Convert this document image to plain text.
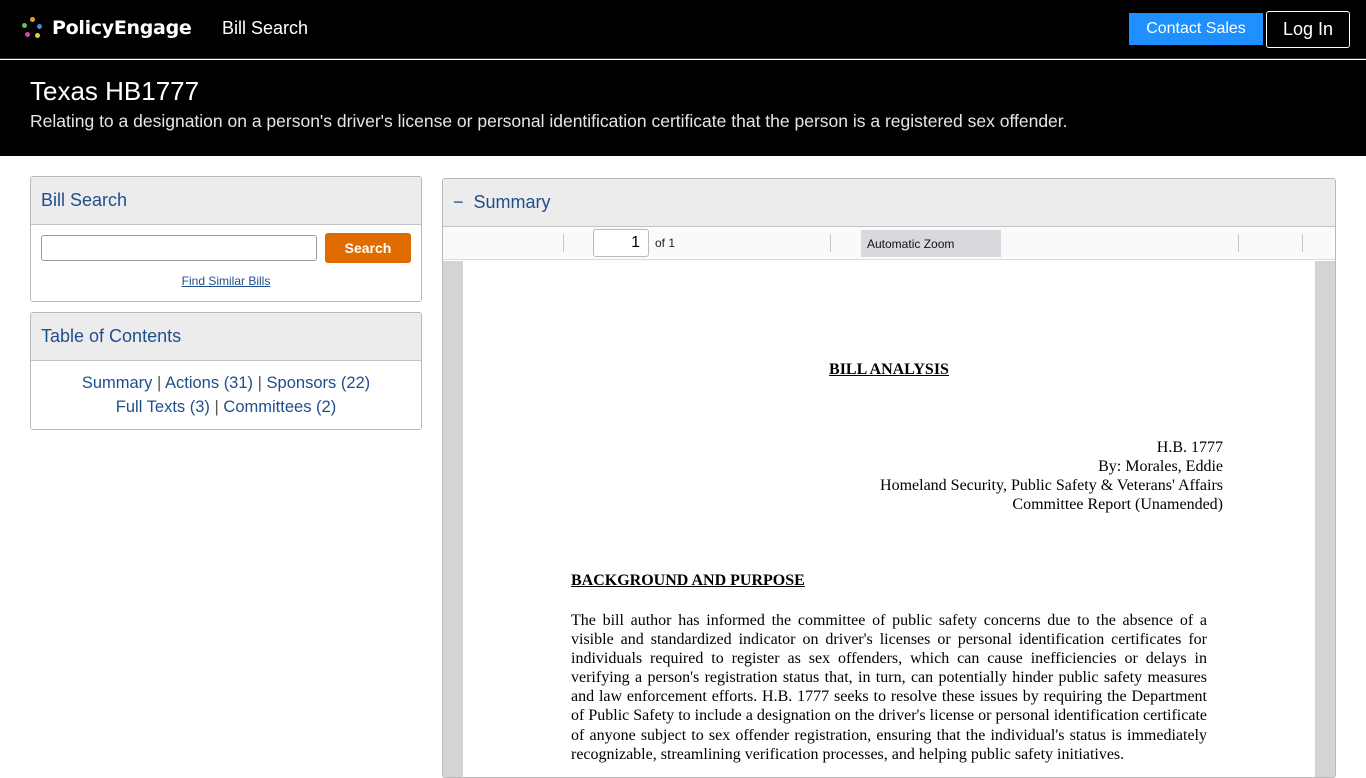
PolicyEngage Bill Search	Contact Sales	Log In
Texas HB1777

Relating to a designation on a person's driver's license or personal identification certificate that the person is a registered sex offender.

Bill Search
Search
Find Similar Bills
Table of Contents
Summary | Actions (31) | Sponsors (22)
Full Texts (3) | Committees (2)
− Summary
1
of 1	Automatic Zoom
BILL ANALYSIS
H.B. 1777
By: Morales, Eddie
Homeland Security, Public Safety & Veterans' Affairs
Committee Report (Unamended)
BACKGROUND AND PURPOSE

The bill author has informed the committee of public safety concerns due to the absence of a visible and standardized indicator on driver's licenses or personal identification certificates for individuals required to register as sex offenders, which can cause inefficiencies or delays in verifying a person's registration status that, in turn, can potentially hinder public safety measures and law enforcement efforts. H.B. 1777 seeks to resolve these issues by requiring the Department of Public Safety to include a designation on the driver's license or personal identification certificate of anyone subject to sex offender registration, ensuring that the individual's status is immediately recognizable, streamlining verification processes, and helping public safety initiatives.
